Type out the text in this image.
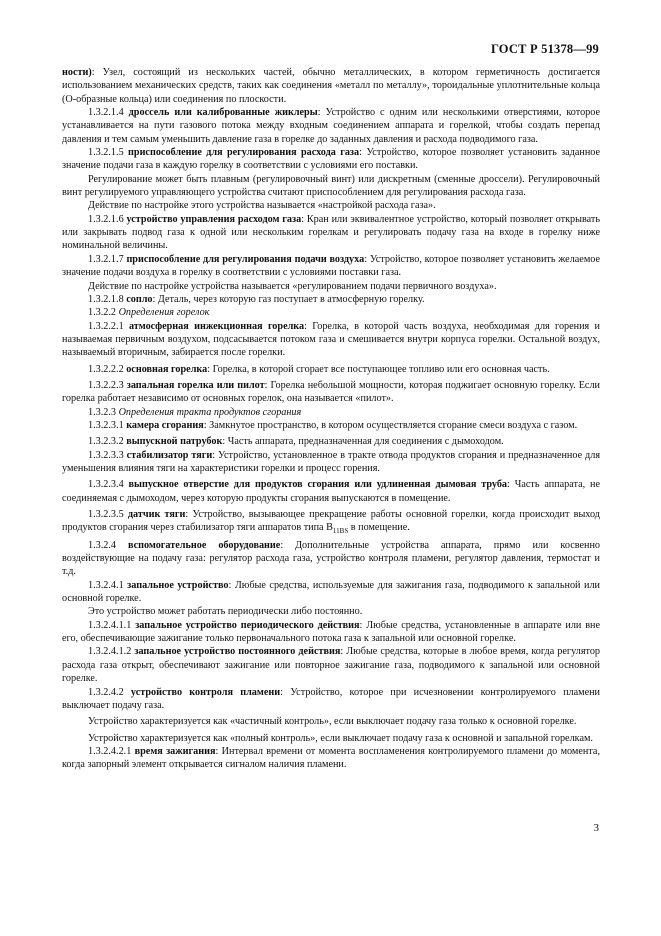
ГОСТ Р 51378—99

ности): Узел, состоящий из нескольких частей, обычно металлических, в котором герметичность достигается использованием механических средств, таких как соединения «металл по металлу», тороидальные уплотнительные кольца (О-образные кольца) или соединения по плоскости.

1.3.2.1.4 дроссель или калиброванные жиклеры: Устройство с одним или несколькими отверстиями, которое устанавливается на пути газового потока между входным соединением аппарата и горелкой, чтобы создать перепад давления и тем самым уменьшить давление газа в горелке до заданных давления и расхода подводимого газа.

1.3.2.1.5 приспособление для регулирования расхода газа: Устройство, которое позволяет установить заданное значение подачи газа в каждую горелку в соответствии с условиями его поставки.

Регулирование может быть плавным (регулировочный винт) или дискретным (сменные дроссели). Регулировочный винт регулируемого управляющего устройства считают приспособлением для регулирования расхода газа.

Действие по настройке этого устройства называется «настройкой расхода газа».

1.3.2.1.6 устройство управления расходом газа: Кран или эквивалентное устройство, который позволяет открывать или закрывать подвод газа к одной или нескольким горелкам и регулировать подачу газа на входе в горелку ниже номинальной величины.

1.3.2.1.7 приспособление для регулирования подачи воздуха: Устройство, которое позволяет установить желаемое значение подачи воздуха в горелку в соответствии с условиями поставки газа.

Действие по настройке устройства называется «регулированием подачи первичного воздуха».

1.3.2.1.8 сопло: Деталь, через которую газ поступает в атмосферную горелку.

1.3.2.2 Определения горелок

1.3.2.2.1 атмосферная инжекционная горелка: Горелка, в которой часть воздуха, необходимая для горения и называемая первичным воздухом, подсасывается потоком газа и смешивается внутри корпуса горелки. Остальной воздух, называемый вторичным, забирается после горелки.

1.3.2.2.2 основная горелка: Горелка, в которой сгорает все поступающее топливо или его основная часть.

1.3.2.2.3 запальная горелка или пилот: Горелка небольшой мощности, которая поджигает основную горелку. Если горелка работает независимо от основных горелок, она называется «пилот».

1.3.2.3 Определения тракта продуктов сгорания

1.3.2.3.1 камера сгорания: Замкнутое пространство, в котором осуществляется сгорание смеси воздуха с газом.

1.3.2.3.2 выпускной патрубок: Часть аппарата, предназначенная для соединения с дымоходом.

1.3.2.3.3 стабилизатор тяги: Устройство, установленное в тракте отвода продуктов сгорания и предназначенное для уменьшения влияния тяги на характеристики горелки и процесс горения.

1.3.2.3.4 выпускное отверстие для продуктов сгорания или удлиненная дымовая труба: Часть аппарата, не соединяемая с дымоходом, через которую продукты сгорания выпускаются в помещение.

1.3.2.3.5 датчик тяги: Устройство, вызывающее прекращение работы основной горелки, когда происходит выход продуктов сгорания через стабилизатор тяги аппаратов типа $B_{11BS}$ в помещение.

1.3.2.4 вспомогательное оборудование: Дополнительные устройства аппарата, прямо или косвенно воздействующие на подачу газа: регулятор расхода газа, устройство контроля пламени, регулятор давления, термостат и т.д.

1.3.2.4.1 запальное устройство: Любые средства, используемые для зажигания газа, подводимого к запальной или основной горелке.

Это устройство может работать периодически либо постоянно.

1.3.2.4.1.1 запальное устройство периодического действия: Любые средства, установленные в аппарате или вне его, обеспечивающие зажигание только первоначального потока газа к запальной или основной горелке.

1.3.2.4.1.2 запальное устройство постоянного действия: Любые средства, которые в любое время, когда регулятор расхода газа открыт, обеспечивают зажигание или повторное зажигание газа, подводимого к запальной или основной горелке.

1.3.2.4.2 устройство контроля пламени: Устройство, которое при исчезновении контролируемого пламени выключает подачу газа.

Устройство характеризуется как «частичный контроль», если выключает подачу газа только к основной горелке.

Устройство характеризуется как «полный контроль», если выключает подачу газа к основной и запальной горелкам.

1.3.2.4.2.1 время зажигания: Интервал времени от момента воспламенения контролируемого пламени до момента, когда запорный элемент открывается сигналом наличия пламени.

3
